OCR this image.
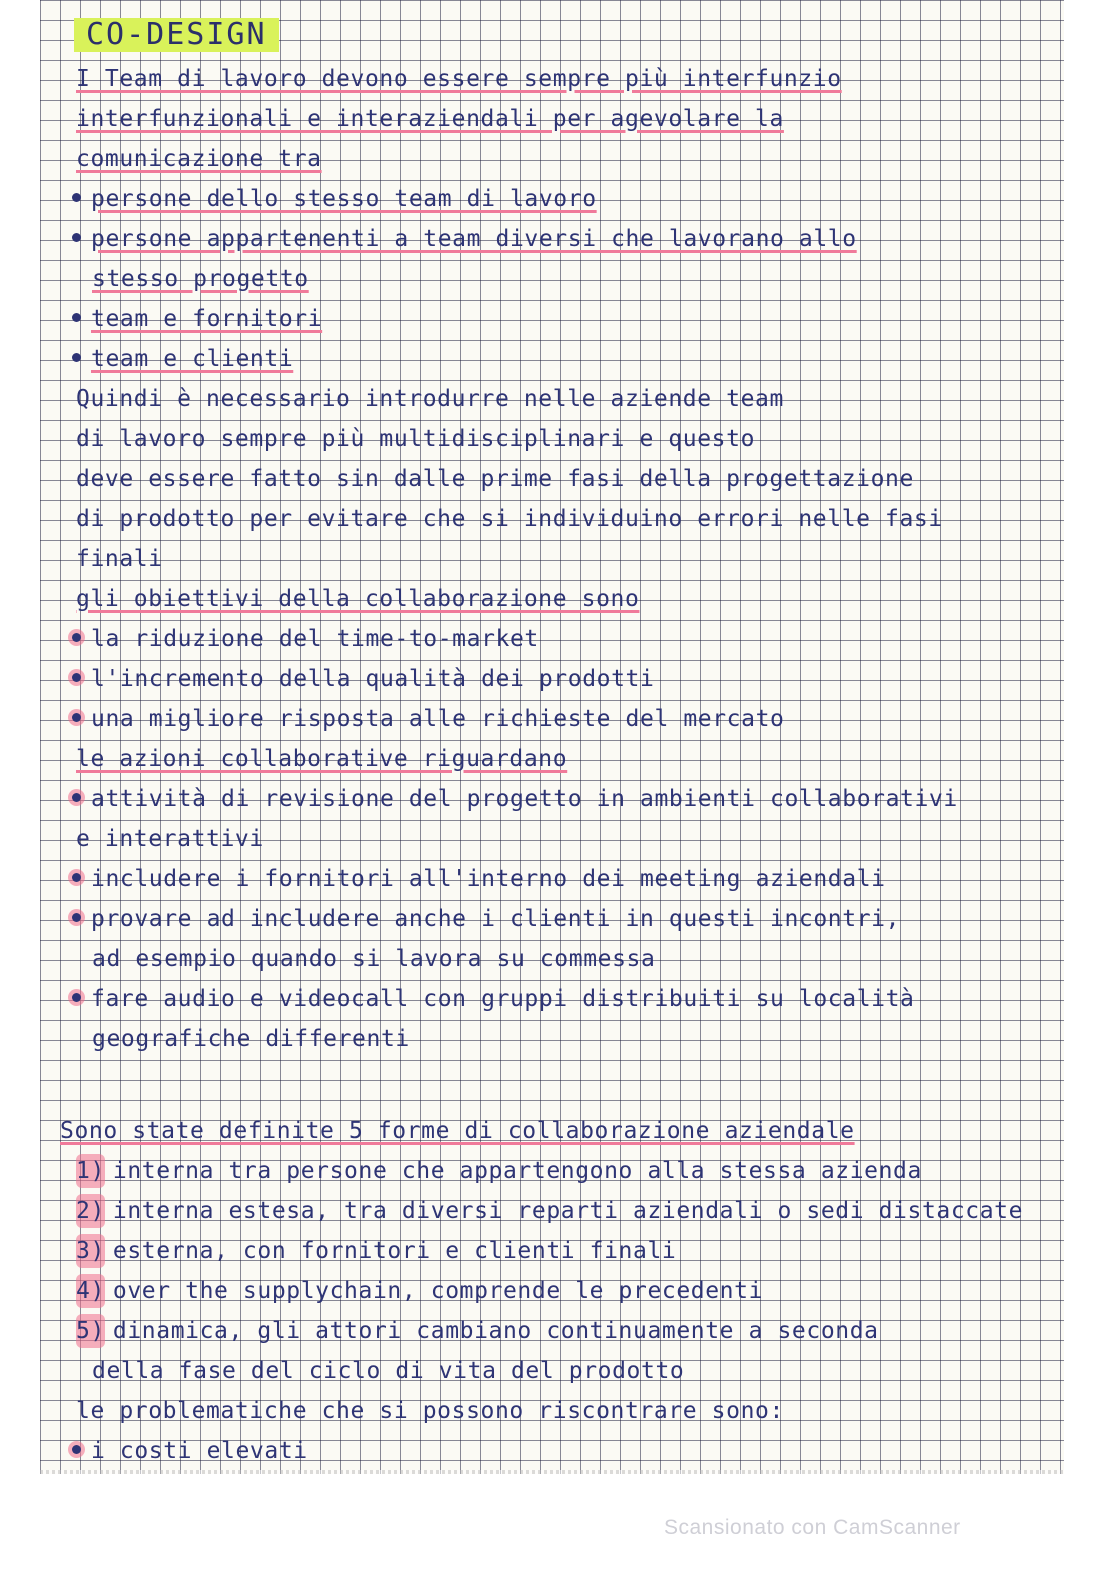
CO-DESIGN
I Team di lavoro devono essere sempre più interfunzio
interfunzionali e interaziendali per agevolare la
comunicazione tra
persone dello stesso team di lavoro
persone appartenenti a team diversi che lavorano allo
stesso progetto
team e fornitori
team e clienti
Quindi è necessario introdurre nelle aziende team
di lavoro sempre più multidisciplinari e questo
deve essere fatto sin dalle prime fasi della progettazione
di prodotto per evitare che si individuino errori nelle fasi
finali
gli obiettivi della collaborazione sono
la riduzione del time-to-market
l'incremento della qualità dei prodotti
una migliore risposta alle richieste del mercato
le azioni collaborative riguardano
attività di revisione del progetto in ambienti collaborativi
e interattivi
includere i fornitori all'interno dei meeting aziendali
provare ad includere anche i clienti in questi incontri,
ad esempio quando si lavora su commessa
fare audio e videocall con gruppi distribuiti su località
geografiche differenti
Sono state definite 5 forme di collaborazione aziendale
1) interna tra persone che appartengono alla stessa azienda
2) interna estesa, tra diversi reparti aziendali o sedi distaccate
3) esterna, con fornitori e clienti finali
4) over the supplychain, comprende le precedenti
5) dinamica, gli attori cambiano continuamente a seconda
della fase del ciclo di vita del prodotto
le problematiche che si possono riscontrare sono:
i costi elevati
Scansionato con CamScanner
